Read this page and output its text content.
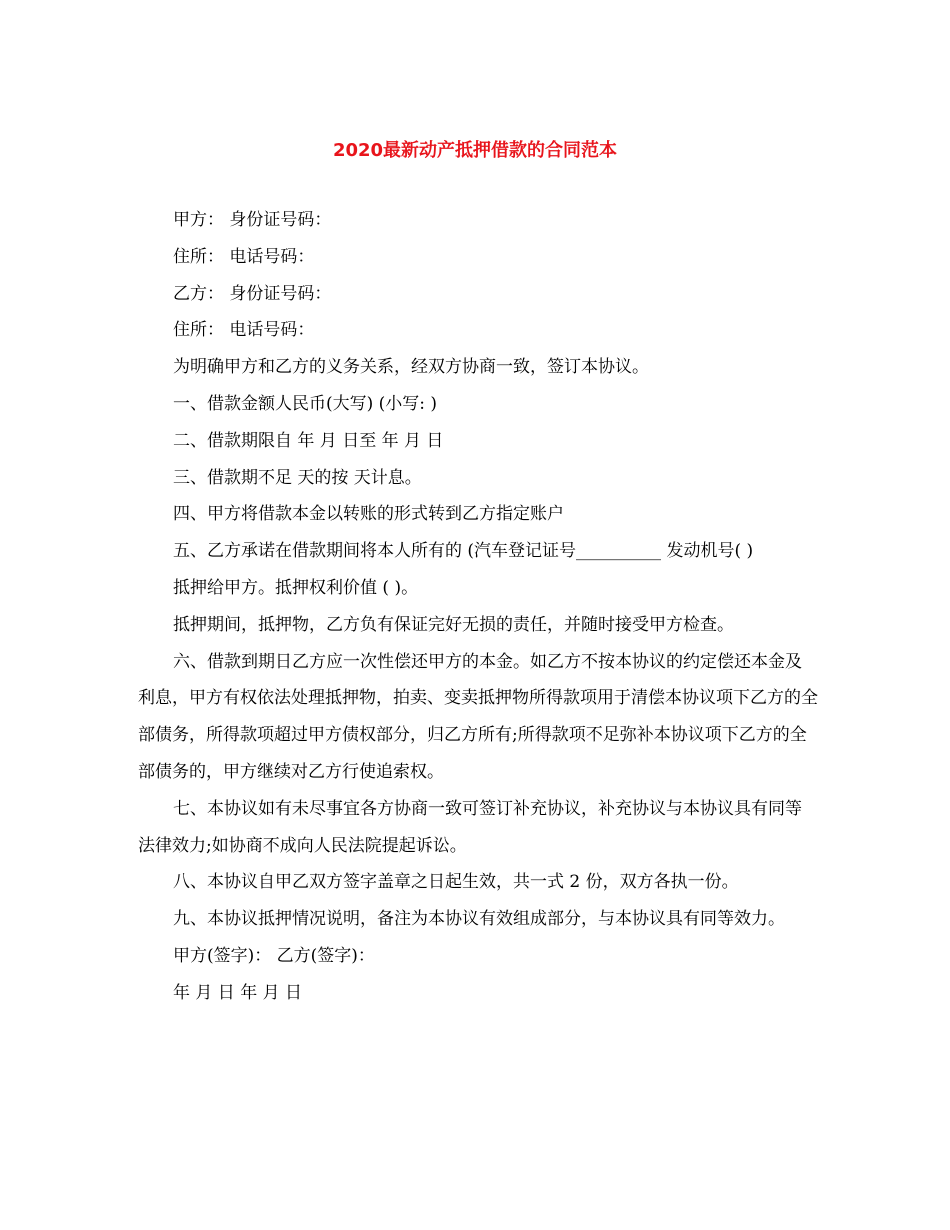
2020最新动产抵押借款的合同范本

甲方： 身份证号码：

住所： 电话号码：

乙方： 身份证号码：

住所： 电话号码：

为明确甲方和乙方的义务关系，经双方协商一致，签订本协议。

一、借款金额人民币(大写) (小写: )

二、借款期限自 年 月 日至 年 月 日

三、借款期不足 天的按 天计息。

四、甲方将借款本金以转账的形式转到乙方指定账户

五、乙方承诺在借款期间将本人所有的 (汽车登记证号__________ 发动机号( )

抵押给甲方。抵押权利价值 ( )。

抵押期间，抵押物，乙方负有保证完好无损的责任，并随时接受甲方检查。

六、借款到期日乙方应一次性偿还甲方的本金。如乙方不按本协议的约定偿还本金及利息，甲方有权依法处理抵押物，拍卖、变卖抵押物所得款项用于清偿本协议项下乙方的全部债务，所得款项超过甲方债权部分，归乙方所有;所得款项不足弥补本协议项下乙方的全部债务的，甲方继续对乙方行使追索权。

七、本协议如有未尽事宜各方协商一致可签订补充协议，补充协议与本协议具有同等法律效力;如协商不成向人民法院提起诉讼。

八、本协议自甲乙双方签字盖章之日起生效，共一式 2 份，双方各执一份。

九、本协议抵押情况说明，备注为本协议有效组成部分，与本协议具有同等效力。

甲方(签字)： 乙方(签字)：

年 月 日 年 月 日
